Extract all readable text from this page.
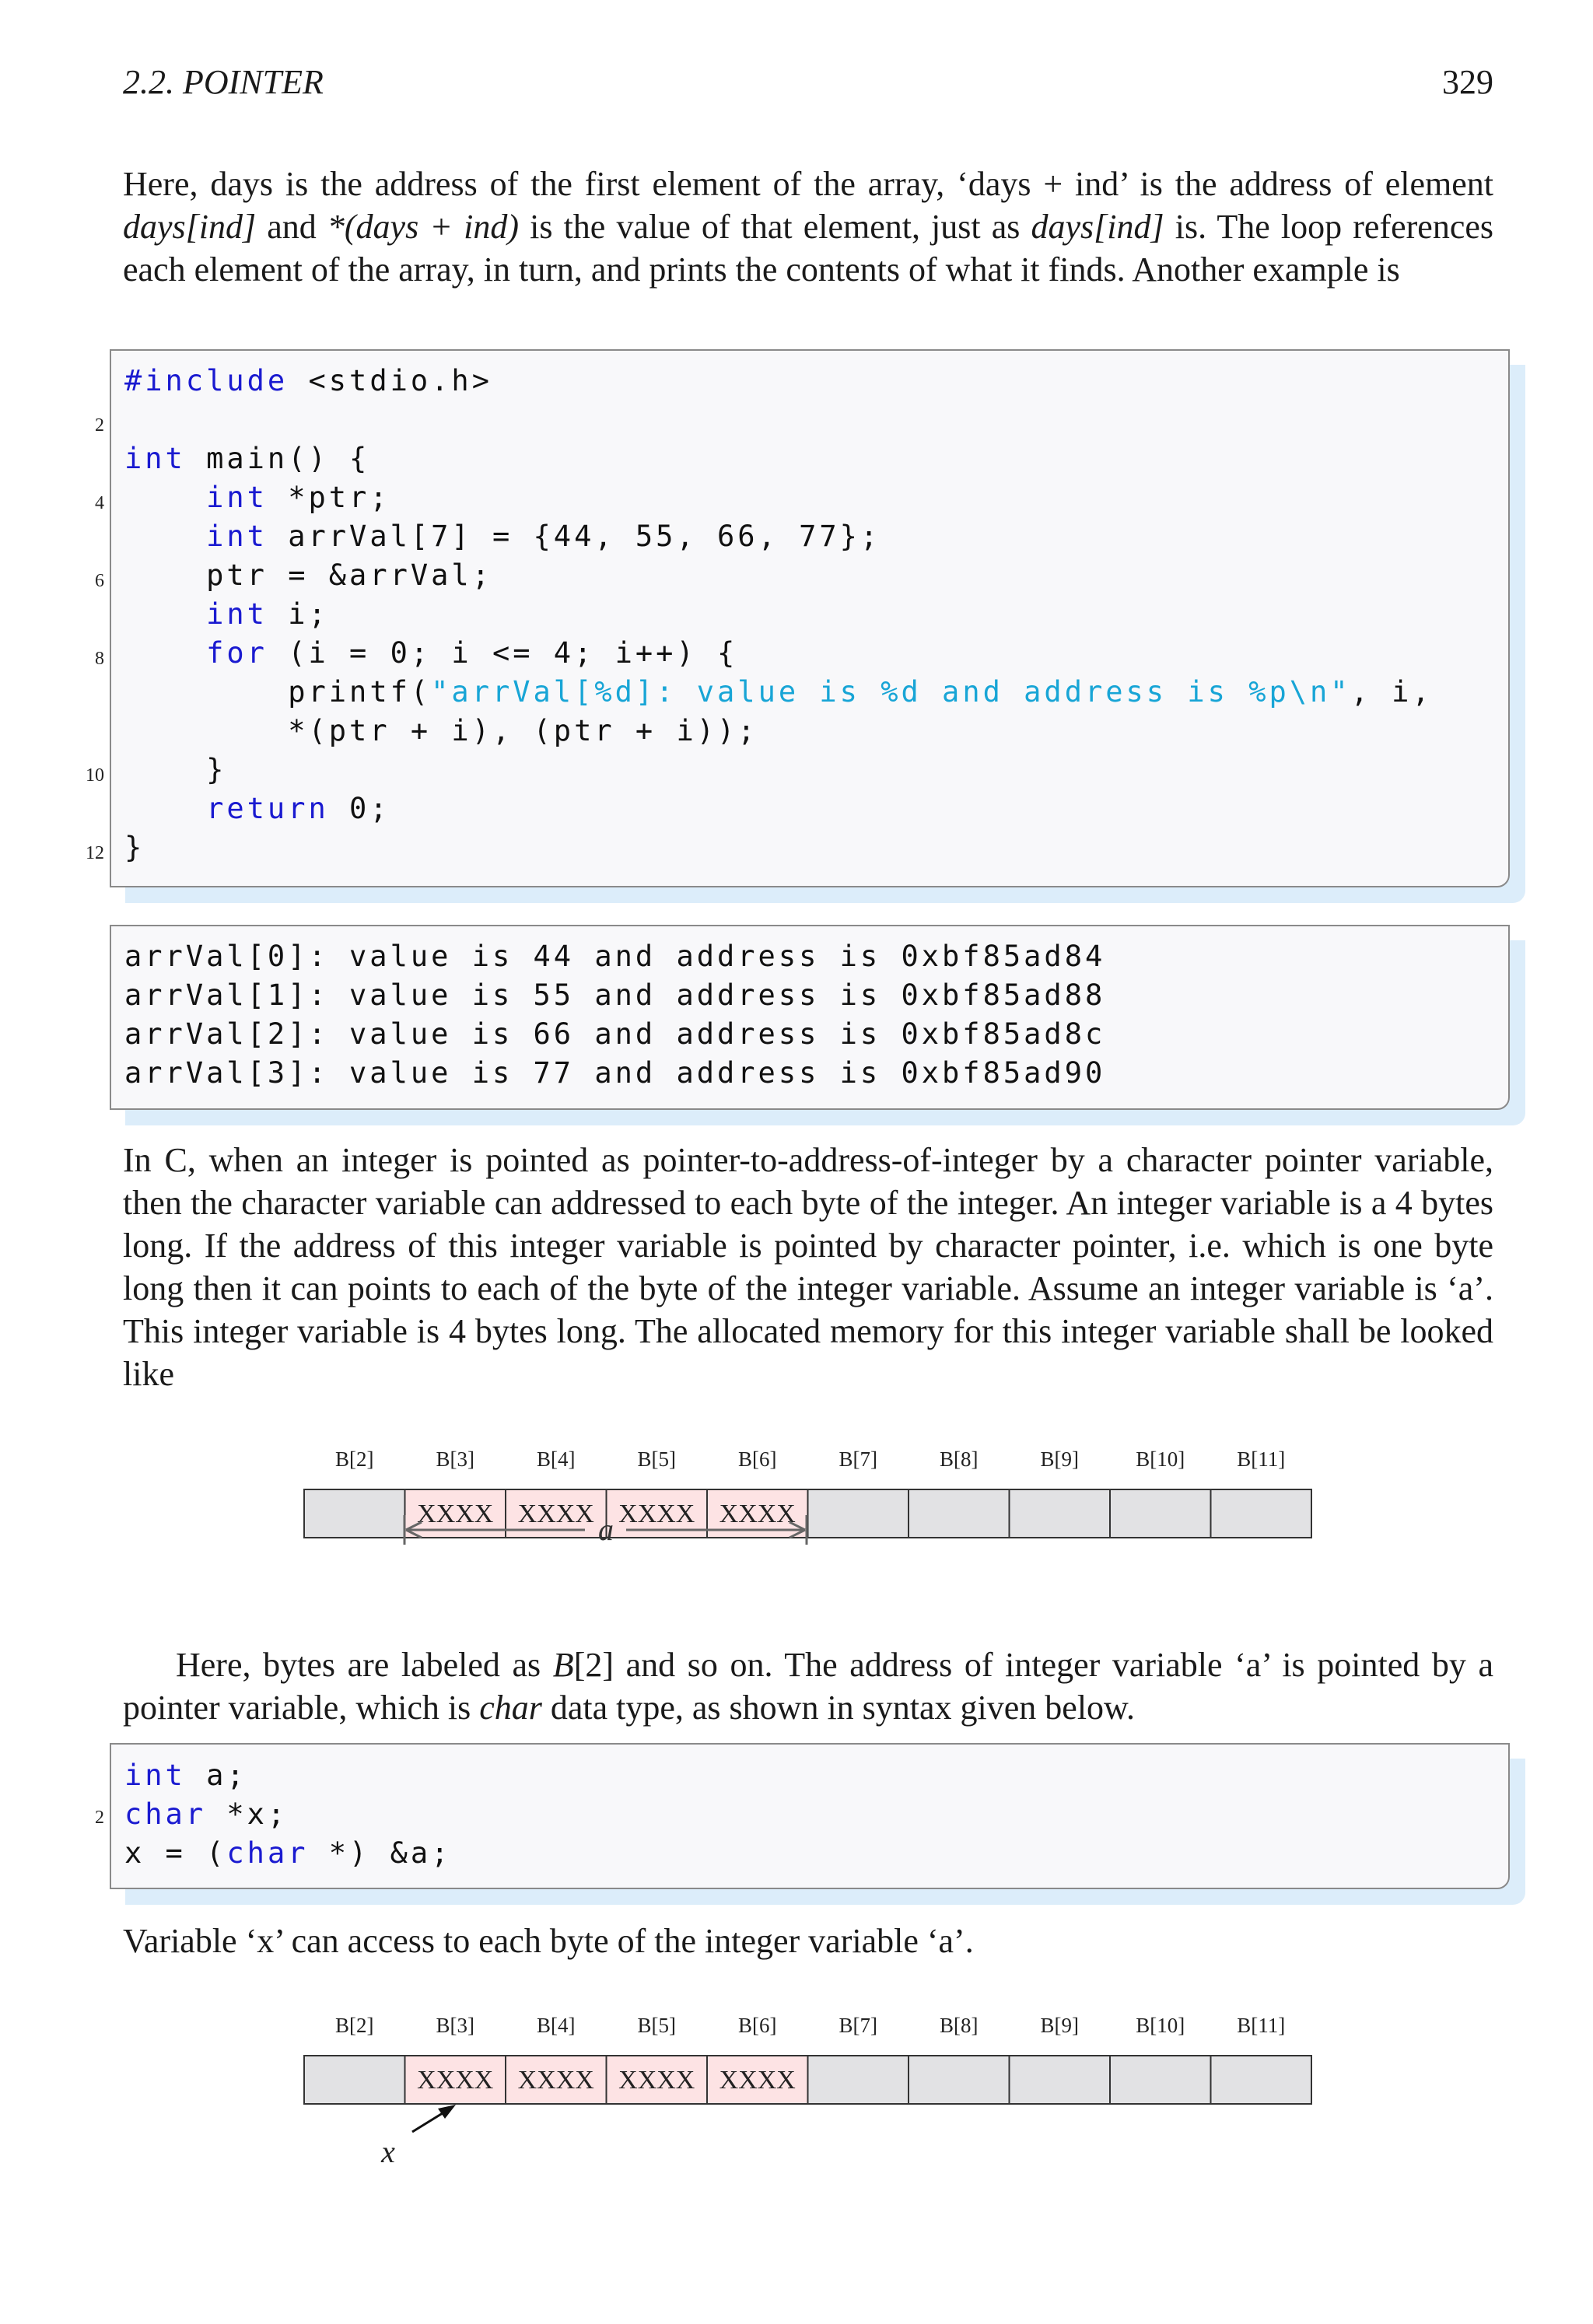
2.2. POINTER	329

Here, days is the address of the first element of the array, ‘days + ind’ is the address of element days[ind] and *(days + ind) is the value of that element, just as days[ind] is. The loop references each element of the array, in turn, and prints the contents of what it finds. Another example is

2
4
6
8
10
12
#include <stdio.h>

int main() {
int *ptr;
int arrVal[7] = {44, 55, 66, 77};
ptr = &arrVal;
int i;
for (i = 0; i <= 4; i++) {
printf("arrVal[%d]: value is %d and address is %p\n", i,
*(ptr + i), (ptr + i));
}
return 0;
}
arrVal[0]: value is 44 and address is 0xbf85ad84
arrVal[1]: value is 55 and address is 0xbf85ad88
arrVal[2]: value is 66 and address is 0xbf85ad8c
arrVal[3]: value is 77 and address is 0xbf85ad90

In C, when an integer is pointed as pointer-to-address-of-integer by a character pointer variable, then the character variable can addressed to each byte of the integer. An integer variable is a 4 bytes long. If the address of this integer variable is pointed by character pointer, i.e. which is one byte long then it can points to each of the byte of the integer variable. Assume an integer variable is ‘a’. This integer variable is 4 bytes long. The allocated memory for this integer variable shall be looked like

B[2]	B[3]	B[4]	B[5]	B[6]	B[7]	B[8]	B[9]	B[10] B[11]
XXXX XXXX XXXX XXXX
a

Here, bytes are labeled as B[2] and so on. The address of integer variable ‘a’ is pointed by a pointer variable, which is char data type, as shown in syntax given below.

2
int a;
char *x;
x = (char *) &a;

Variable ‘x’ can access to each byte of the integer variable ‘a’.

B[2]	B[3]	B[4]	B[5]	B[6]	B[7]	B[8]	B[9]	B[10] B[11]
XXXX XXXX XXXX XXXX
x
